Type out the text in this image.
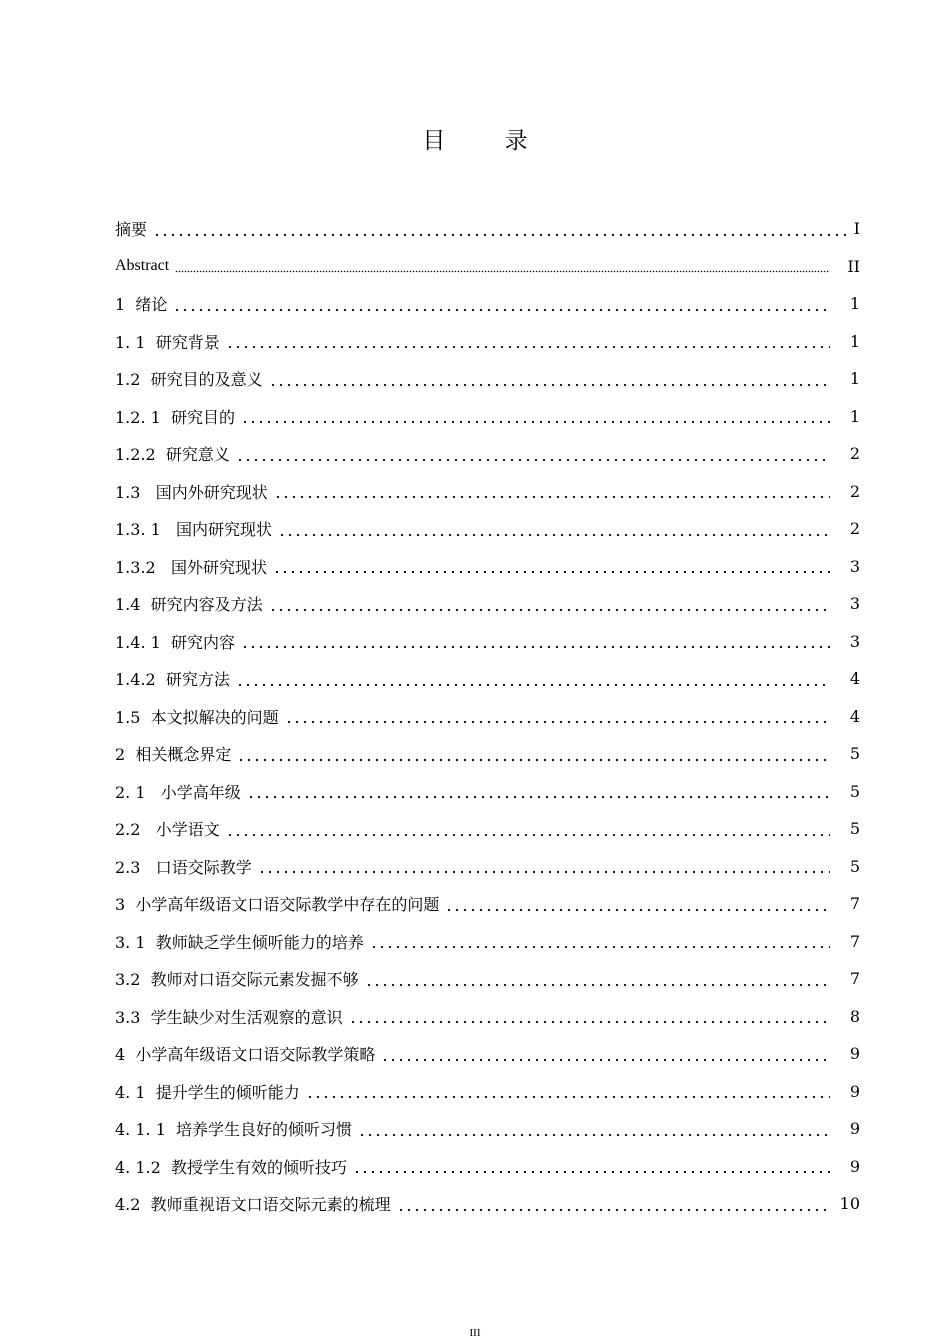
目 录
摘要	I
Abstract	II
1  绪论	1
1. 1  研究背景	1
1.2  研究目的及意义	1
1.2. 1  研究目的	1
1.2.2  研究意义	2
1.3   国内外研究现状	2
1.3. 1   国内研究现状	2
1.3.2   国外研究现状	3
1.4  研究内容及方法	3
1.4. 1  研究内容	3
1.4.2  研究方法	4
1.5  本文拟解决的问题	4
2  相关概念界定	5
2. 1   小学高年级	5
2.2   小学语文	5
2.3   口语交际教学	5
3  小学高年级语文口语交际教学中存在的问题	7
3. 1  教师缺乏学生倾听能力的培养	7
3.2  教师对口语交际元素发掘不够	7
3.3  学生缺少对生活观察的意识	8
4  小学高年级语文口语交际教学策略	9
4. 1  提升学生的倾听能力	9
4. 1. 1  培养学生良好的倾听习惯	9
4. 1.2  教授学生有效的倾听技巧	9
4.2  教师重视语文口语交际元素的梳理	10
III
